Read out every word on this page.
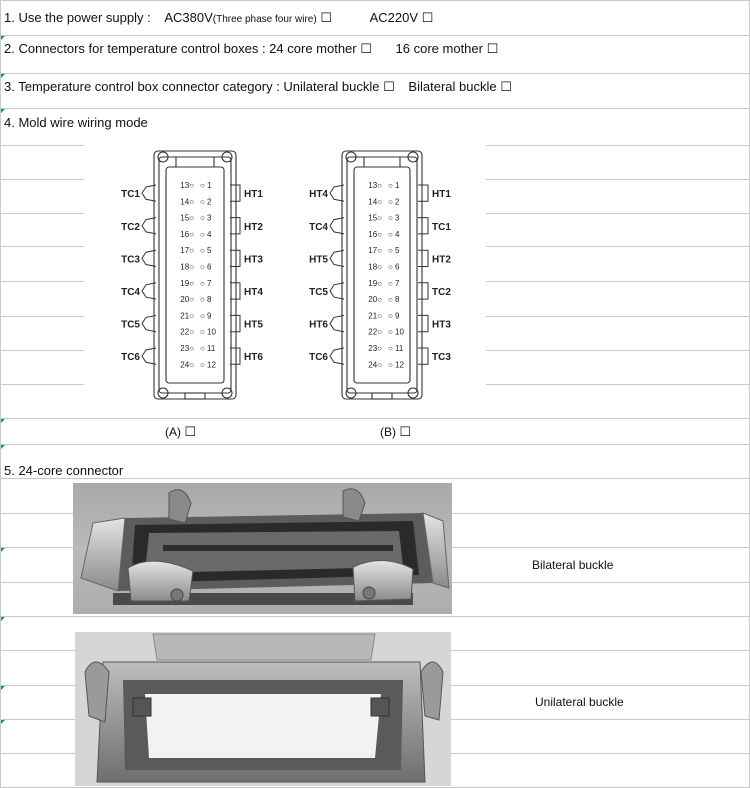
1. Use the power supply : AC380V(Three phase four wire) ☐	AC220V ☐
2. Connectors for temperature control boxes : 24 core mother ☐ 16 core mother ☐
3. Temperature control box connector category : Unilateral buckle ☐ Bilateral buckle ☐
4. Mold wire wiring mode
13○ ○ 1
14○ ○ 2
15○ ○ 3
16○ ○ 4
17○ ○ 5
18○ ○ 6
19○ ○ 7
20○ ○ 8
21○ ○ 9
22○ ○ 10
23○ ○ 11
24○ ○ 12
TC1
TC2
TC3
TC4
TC5
TC6
HT1
HT2
HT3
HT4
HT5
HT6
(A) ☐
13○ ○ 1
14○ ○ 2
15○ ○ 3
16○ ○ 4
17○ ○ 5
18○ ○ 6
19○ ○ 7
20○ ○ 8
21○ ○ 9
22○ ○ 10
23○ ○ 11
24○ ○ 12
HT4
TC4
HT5
TC5
HT6
TC6
HT1
TC1
HT2
TC2
HT3
TC3
(B) ☐
5. 24-core connector
Bilateral buckle
Unilateral buckle
